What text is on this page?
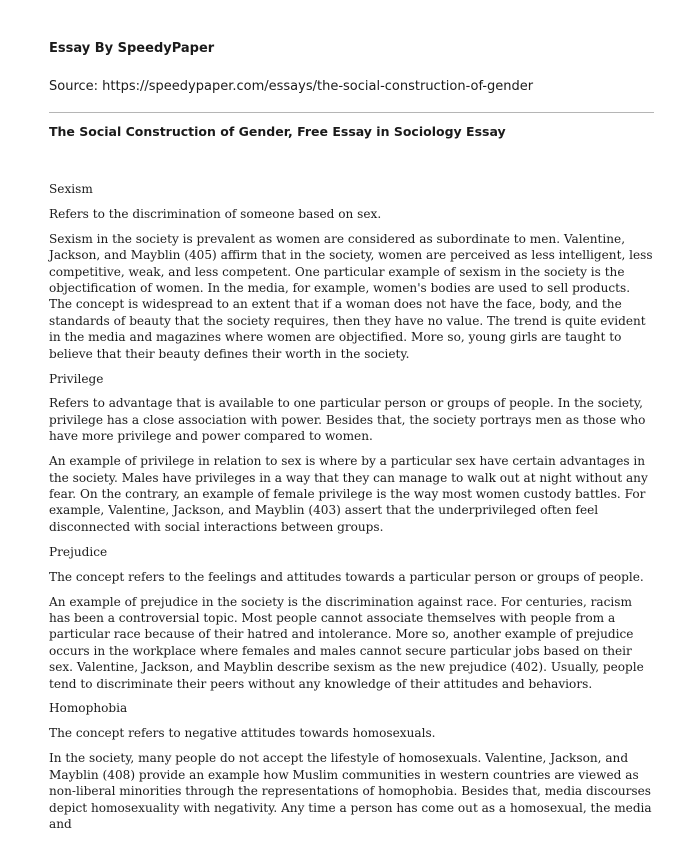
Essay By SpeedyPaper
Source: https://speedypaper.com/essays/the-social-construction-of-gender
The Social Construction of Gender, Free Essay in Sociology Essay
Sexism

Refers to the discrimination of someone based on sex.

Sexism in the society is prevalent as women are considered as subordinate to men. Valentine, Jackson, and Mayblin (405) affirm that in the society, women are perceived as less intelligent, less competitive, weak, and less competent. One particular example of sexism in the society is the objectification of women. In the media, for example, women's bodies are used to sell products. The concept is widespread to an extent that if a woman does not have the face, body, and the standards of beauty that the society requires, then they have no value. The trend is quite evident in the media and magazines where women are objectified. More so, young girls are taught to believe that their beauty defines their worth in the society.

Privilege

Refers to advantage that is available to one particular person or groups of people. In the society, privilege has a close association with power. Besides that, the society portrays men as those who have more privilege and power compared to women.

An example of privilege in relation to sex is where by a particular sex have certain advantages in the society. Males have privileges in a way that they can manage to walk out at night without any fear. On the contrary, an example of female privilege is the way most women custody battles. For example, Valentine, Jackson, and Mayblin (403) assert that the underprivileged often feel disconnected with social interactions between groups.

Prejudice

The concept refers to the feelings and attitudes towards a particular person or groups of people.

An example of prejudice in the society is the discrimination against race. For centuries, racism has been a controversial topic. Most people cannot associate themselves with people from a particular race because of their hatred and intolerance. More so, another example of prejudice occurs in the workplace where females and males cannot secure particular jobs based on their sex. Valentine, Jackson, and Mayblin describe sexism as the new prejudice (402). Usually, people tend to discriminate their peers without any knowledge of their attitudes and behaviors.

Homophobia

The concept refers to negative attitudes towards homosexuals.

In the society, many people do not accept the lifestyle of homosexuals. Valentine, Jackson, and Mayblin (408) provide an example how Muslim communities in western countries are viewed as non-liberal minorities through the representations of homophobia. Besides that, media discourses depict homosexuality with negativity. Any time a person has come out as a homosexual, the media and
